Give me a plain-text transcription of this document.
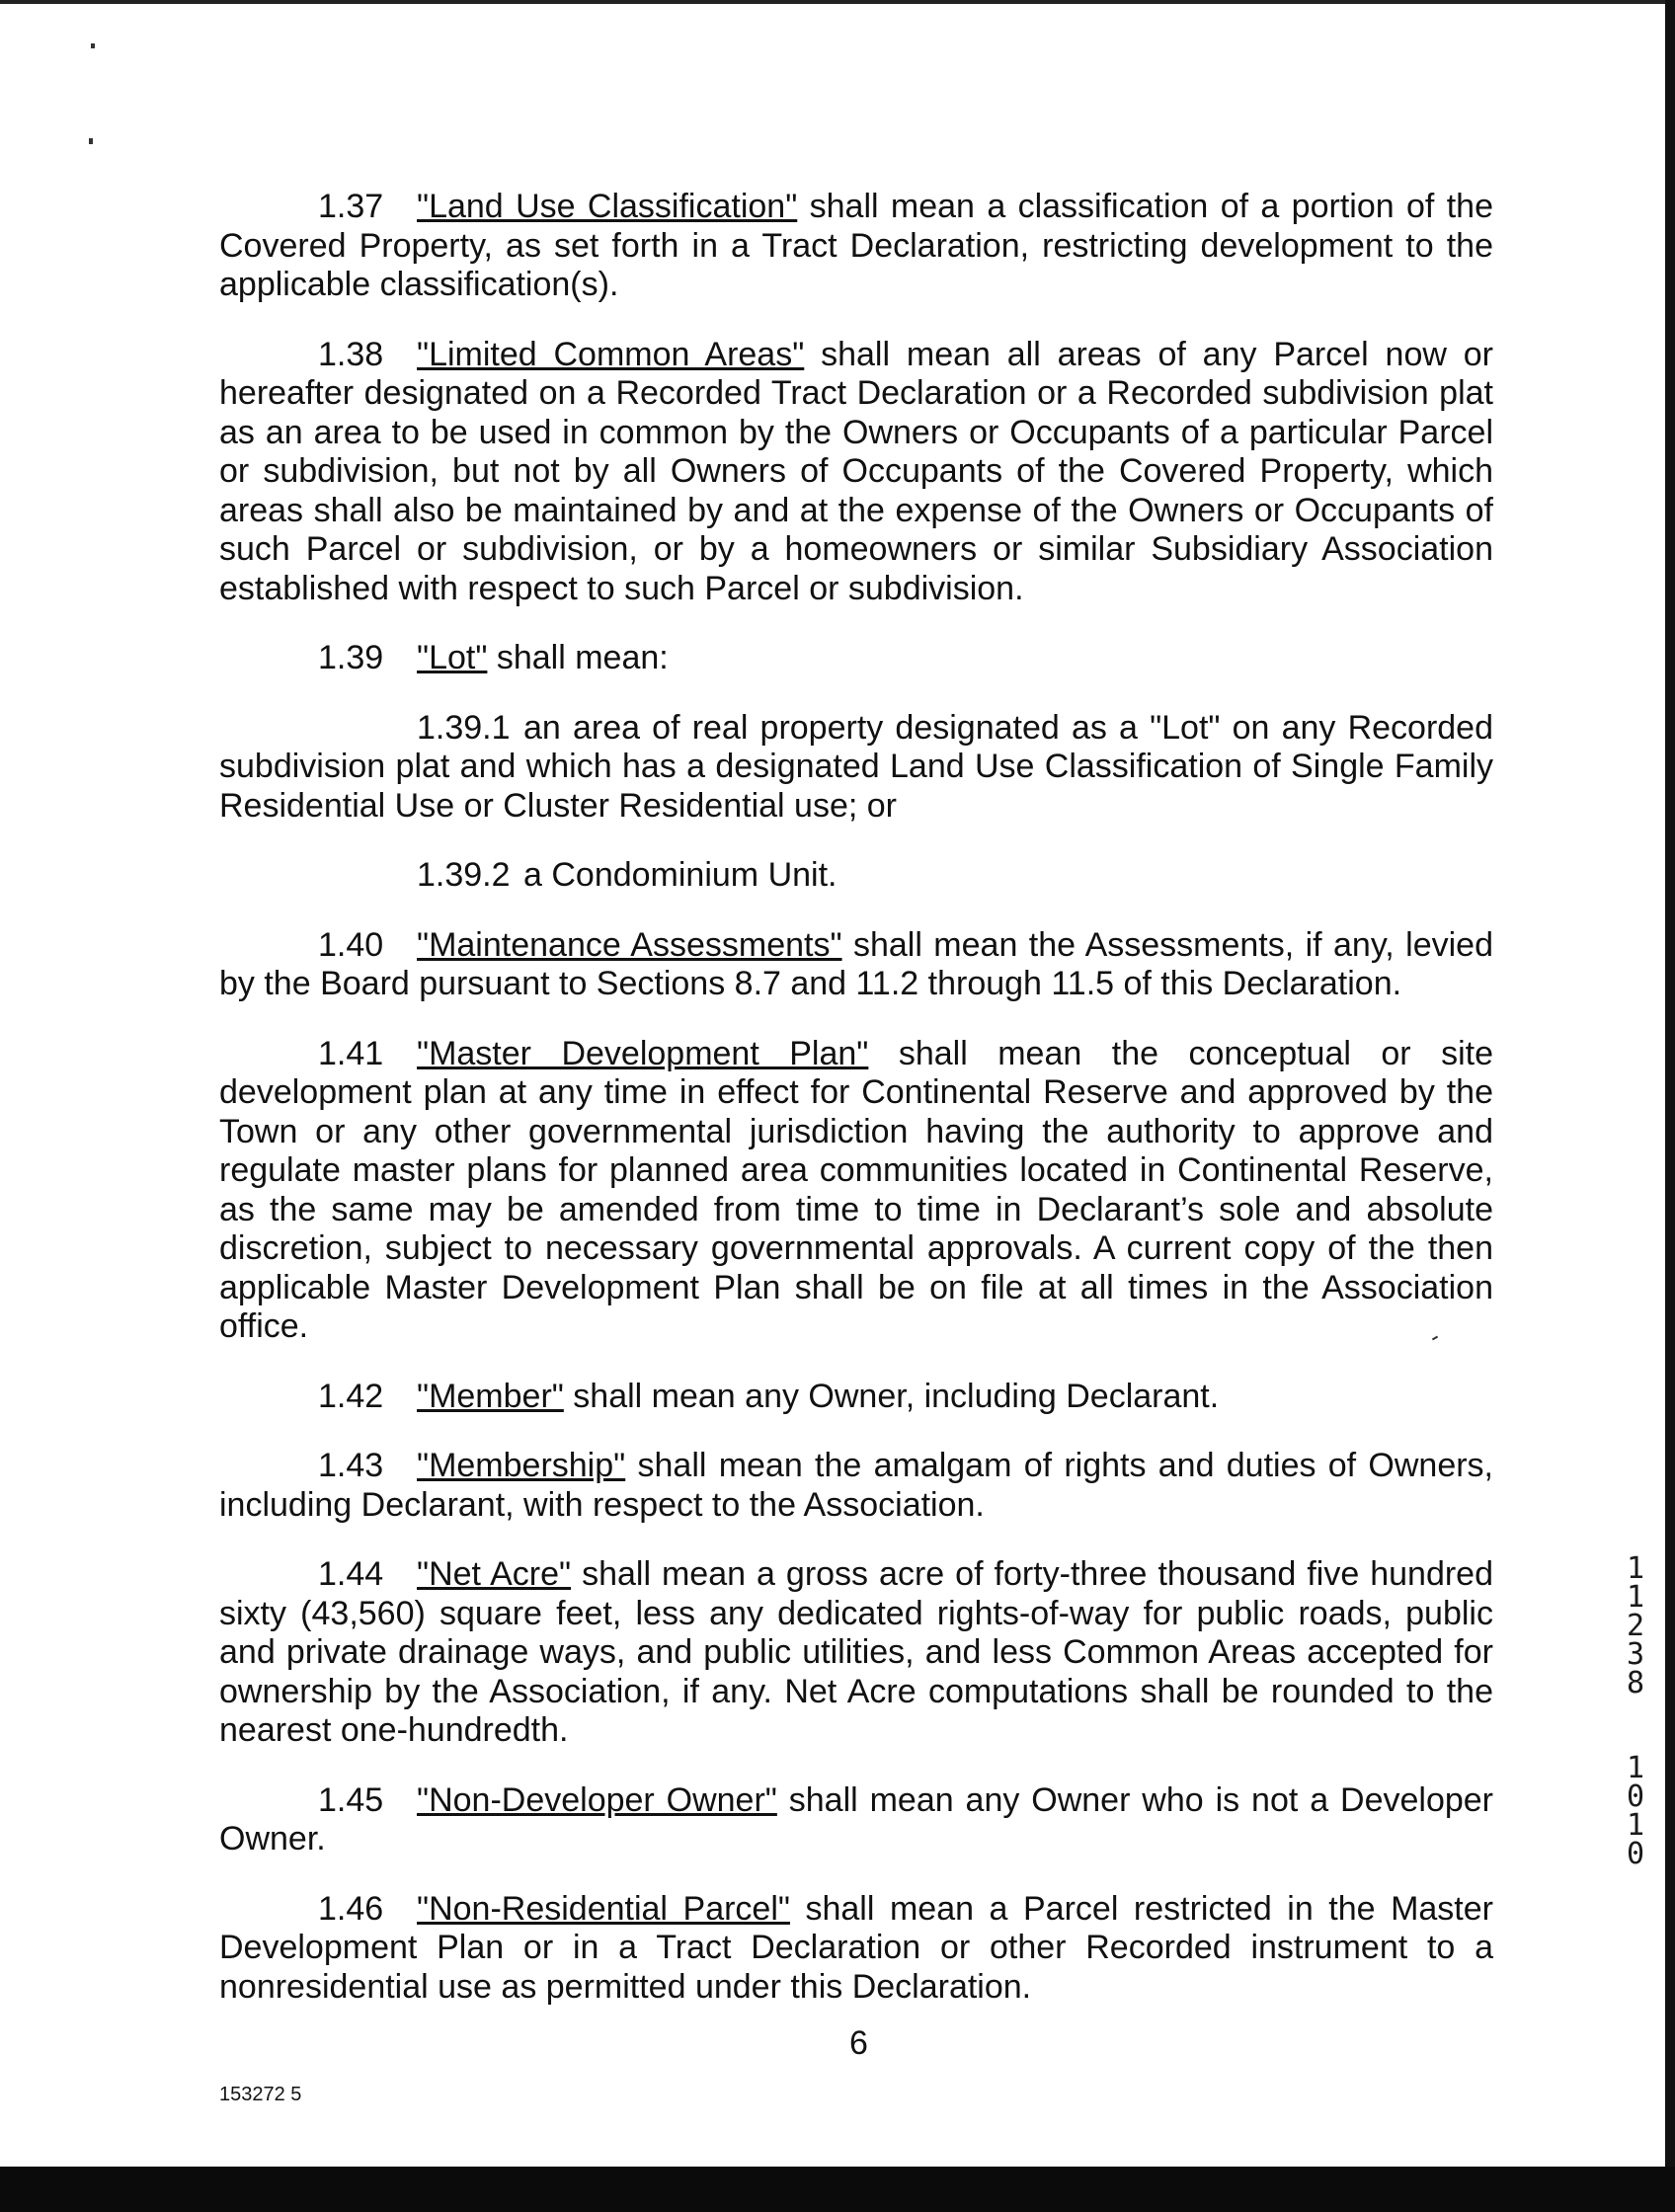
1.37 "Land Use Classification" shall mean a classification of a portion of the Covered Property, as set forth in a Tract Declaration, restricting development to the applicable classification(s).

1.38 "Limited Common Areas" shall mean all areas of any Parcel now or hereafter designated on a Recorded Tract Declaration or a Recorded subdivision plat as an area to be used in common by the Owners or Occupants of a particular Parcel or subdivision, but not by all Owners of Occupants of the Covered Property, which areas shall also be maintained by and at the expense of the Owners or Occupants of such Parcel or subdivision, or by a homeowners or similar Subsidiary Association established with respect to such Parcel or subdivision.

1.39 "Lot" shall mean:

1.39.1 an area of real property designated as a "Lot" on any Recorded subdivision plat and which has a designated Land Use Classification of Single Family Residential Use or Cluster Residential use; or

1.39.2 a Condominium Unit.

1.40 "Maintenance Assessments" shall mean the Assessments, if any, levied by the Board pursuant to Sections 8.7 and 11.2 through 11.5 of this Declaration.

1.41 "Master Development Plan" shall mean the conceptual or site development plan at any time in effect for Continental Reserve and approved by the Town or any other governmental jurisdiction having the authority to approve and regulate master plans for planned area communities located in Continental Reserve, as the same may be amended from time to time in Declarant’s sole and absolute discretion, subject to necessary governmental approvals. A current copy of the then applicable Master Development Plan shall be on file at all times in the Association office.

1.42 "Member" shall mean any Owner, including Declarant.

1.43 "Membership" shall mean the amalgam of rights and duties of Owners, including Declarant, with respect to the Association.

1.44 "Net Acre" shall mean a gross acre of forty-three thousand five hundred sixty (43,560) square feet, less any dedicated rights-of-way for public roads, public and private drainage ways, and public utilities, and less Common Areas accepted for ownership by the Association, if any. Net Acre computations shall be rounded to the nearest one-hundredth.

1.45 "Non-Developer Owner" shall mean any Owner who is not a Developer Owner.

1.46 "Non-Residential Parcel" shall mean a Parcel restricted in the Master Development Plan or in a Tract Declaration or other Recorded instrument to a nonresidential use as permitted under this Declaration.

6
153272 5
1
1
2
3
8
1
0
1
0
